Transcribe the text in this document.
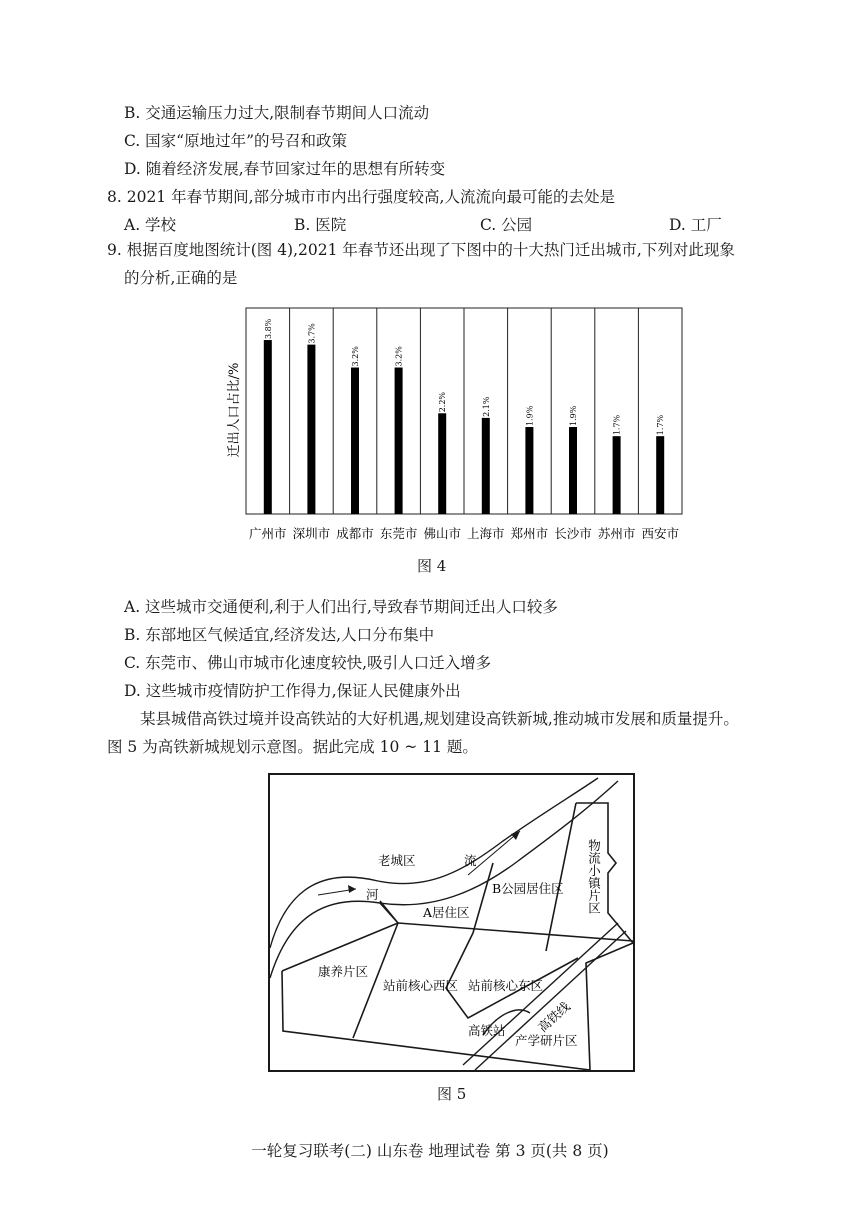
B. 交通运输压力过大,限制春节期间人口流动
C. 国家“原地过年”的号召和政策
D. 随着经济发展,春节回家过年的思想有所转变
8. 2021 年春节期间,部分城市市内出行强度较高,人流流向最可能的去处是
A. 学校	B. 医院	C. 公园	D. 工厂
9. 根据百度地图统计(图 4),2021 年春节还出现了下图中的十大热门迁出城市,下列对此现象
的分析,正确的是
3.8%	3.7%
3.2%	3.2%
2.2%	2.1%	1.9%	1.9%	1.7%	1.7%
广州市 深圳市 成都市 东莞市 佛山市 上海市 郑州市 长沙市 苏州市 西安市
迁出人口占比/%
图 4
A. 这些城市交通便利,利于人们出行,导致春节期间迁出人口较多
B. 东部地区气候适宜,经济发达,人口分布集中
C. 东莞市、佛山市城市化速度较快,吸引人口迁入增多
D. 这些城市疫情防护工作得力,保证人民健康外出
某县城借高铁过境并设高铁站的大好机遇,规划建设高铁新城,推动城市发展和质量提升。
图 5 为高铁新城规划示意图。据此完成 10 ~ 11 题。
老城区	流
河	B公园居住区
A居住区	物流小镇片区
康养片区
站前核心西区 站前核心东区
高铁站 高铁线
产学研片区
图 5
一轮复习联考(二) 山东卷 地理试卷 第 3 页(共 8 页)
